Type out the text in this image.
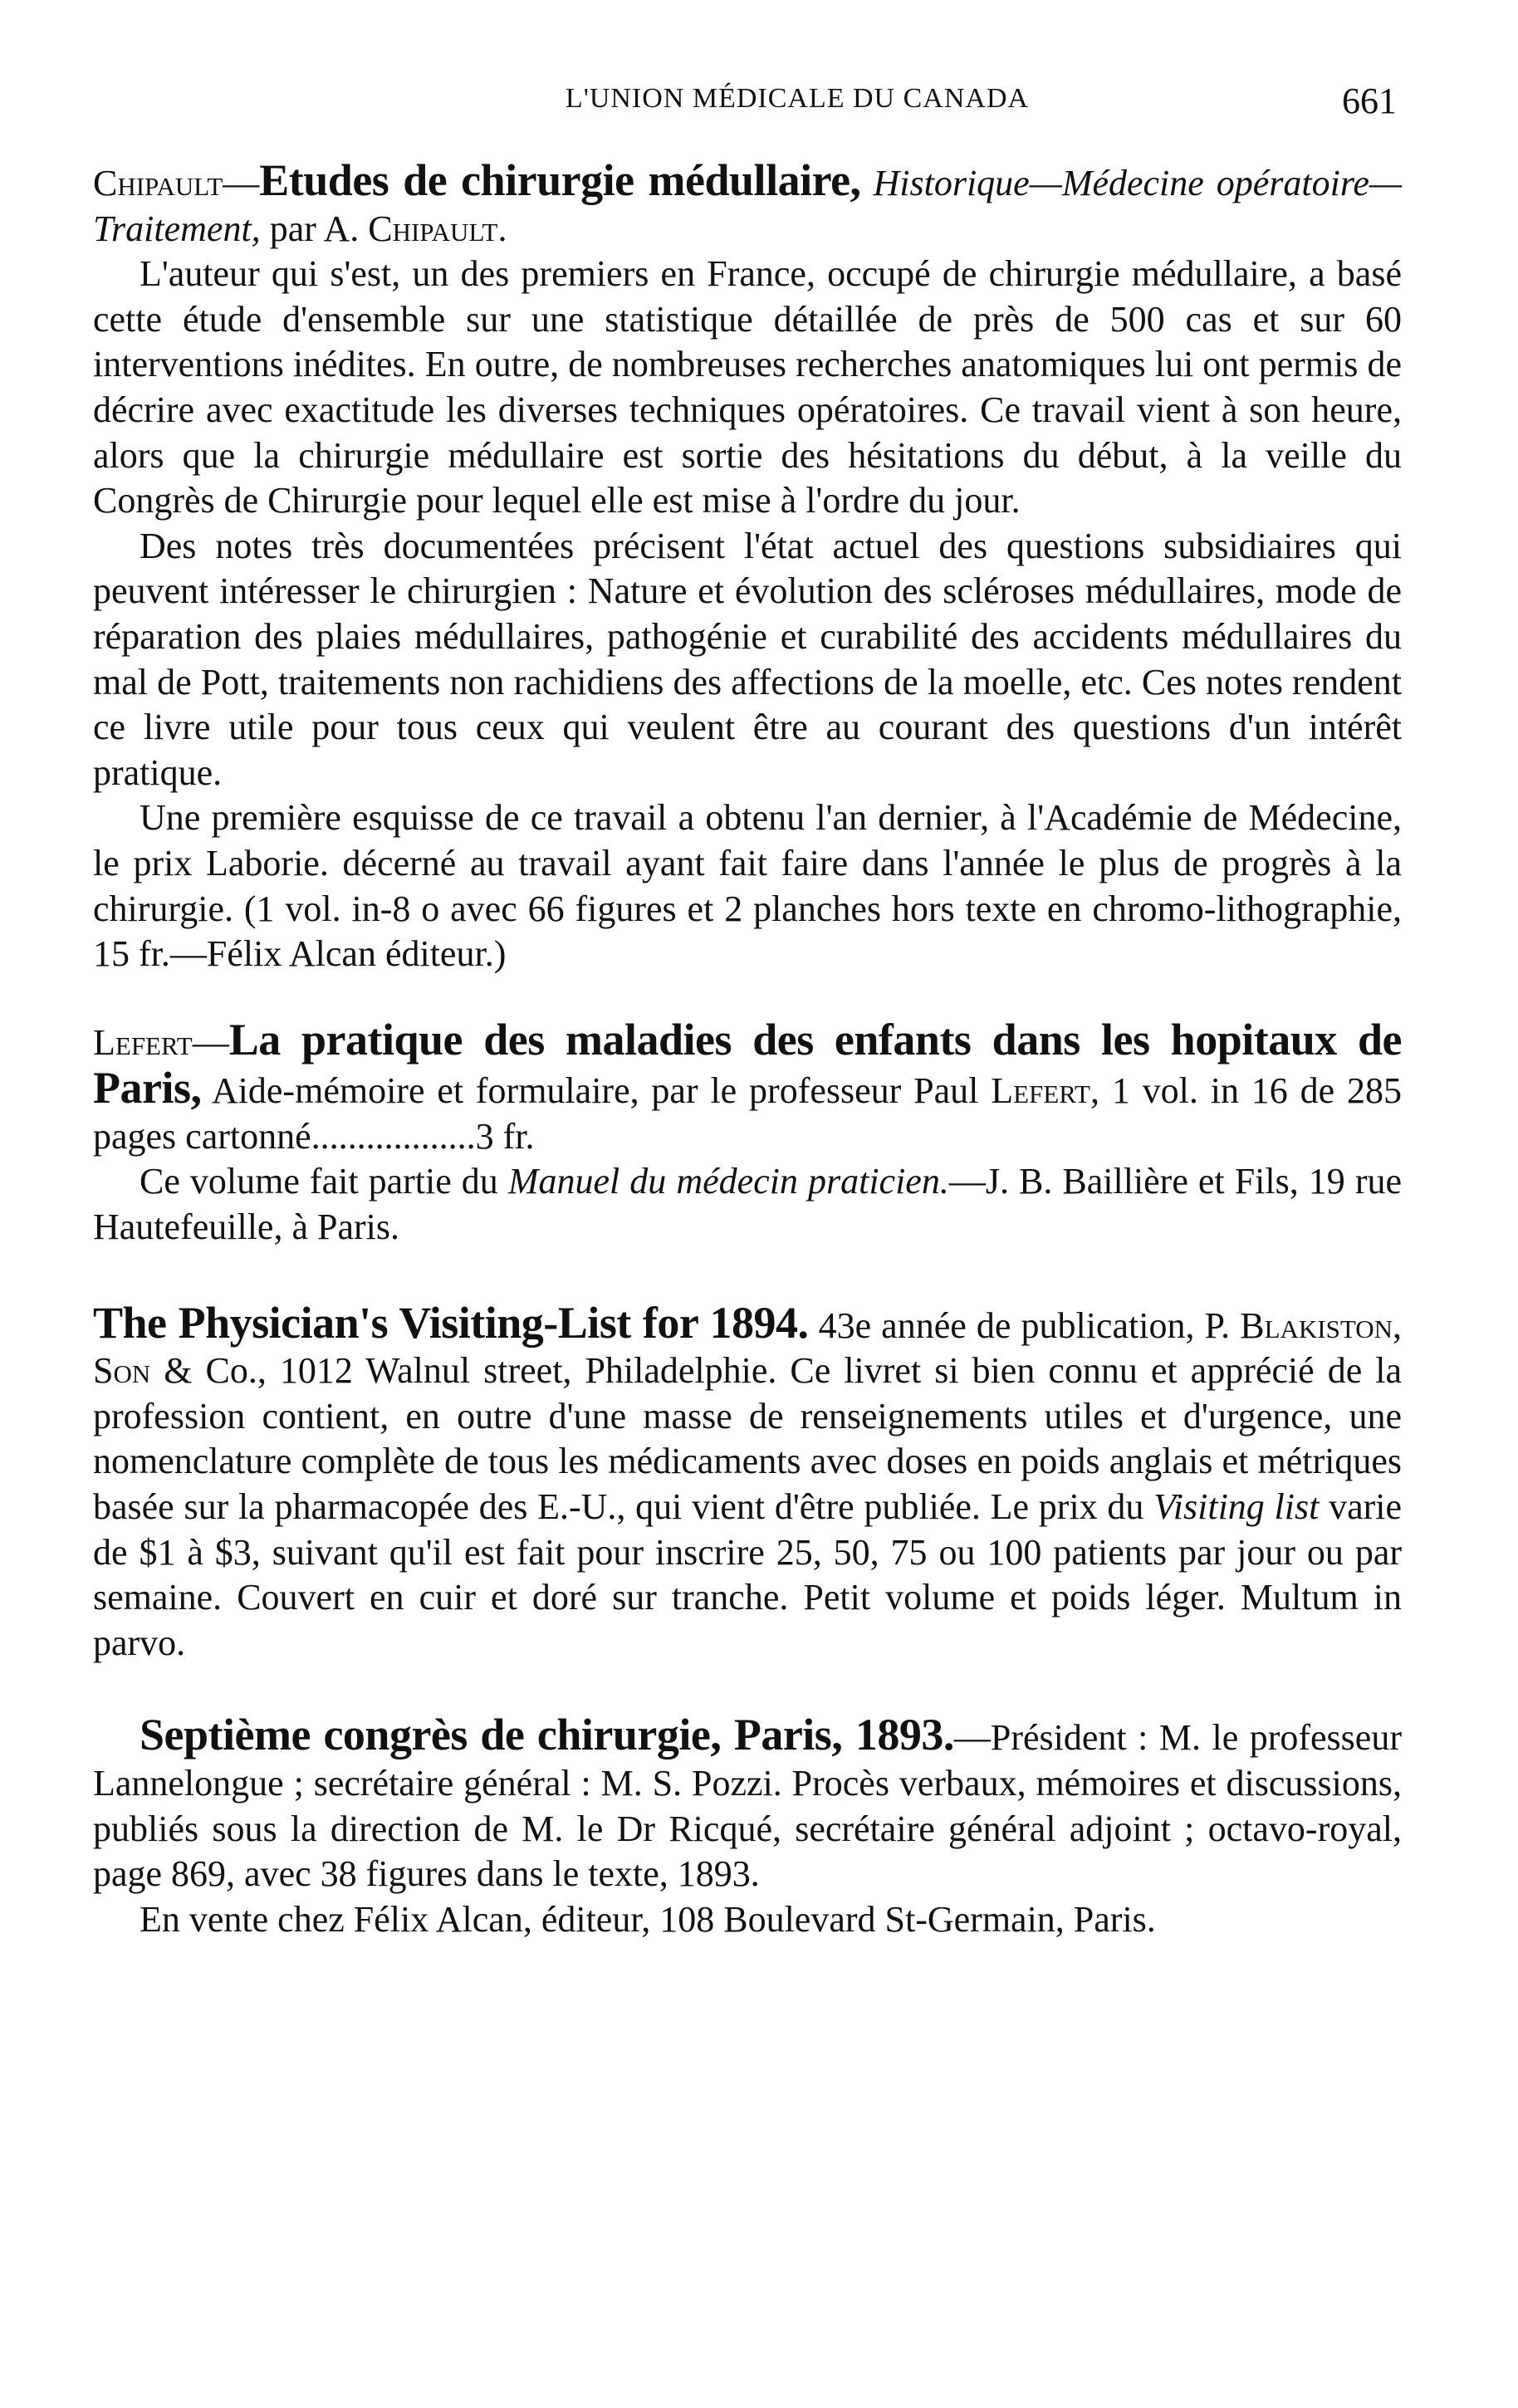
L'UNION MÉDICALE DU CANADA	661

Chipault—Etudes de chirurgie médullaire, Historique—Médecine opératoire—Traitement, par A. Chipault.

L'auteur qui s'est, un des premiers en France, occupé de chirurgie médullaire, a basé cette étude d'ensemble sur une statistique détaillée de près de 500 cas et sur 60 interventions inédites. En outre, de nombreuses recherches anatomiques lui ont permis de décrire avec exactitude les diverses techniques opératoires. Ce travail vient à son heure, alors que la chirurgie médullaire est sortie des hésitations du début, à la veille du Congrès de Chirurgie pour lequel elle est mise à l'ordre du jour.

Des notes très documentées précisent l'état actuel des questions subsidiaires qui peuvent intéresser le chirurgien : Nature et évolution des scléroses médullaires, mode de réparation des plaies médullaires, pathogénie et curabilité des accidents médullaires du mal de Pott, traitements non rachidiens des affections de la moelle, etc. Ces notes rendent ce livre utile pour tous ceux qui veulent être au courant des questions d'un intérêt pratique.

Une première esquisse de ce travail a obtenu l'an dernier, à l'Académie de Médecine, le prix Laborie. décerné au travail ayant fait faire dans l'année le plus de progrès à la chirurgie. (1 vol. in-8 o avec 66 figures et 2 planches hors texte en chromo-lithographie, 15 fr.—Félix Alcan éditeur.)

Lefert—La pratique des maladies des enfants dans les hopitaux de Paris, Aide-mémoire et formulaire, par le professeur Paul Lefert, 1 vol. in 16 de 285 pages cartonné..................3 fr.

Ce volume fait partie du Manuel du médecin praticien.—J. B. Baillière et Fils, 19 rue Hautefeuille, à Paris.

The Physician's Visiting-List for 1894. 43e année de publication, P. Blakiston, Son & Co., 1012 Walnul street, Philadelphie. Ce livret si bien connu et apprécié de la profession contient, en outre d'une masse de renseignements utiles et d'urgence, une nomenclature complète de tous les médicaments avec doses en poids anglais et métriques basée sur la pharmacopée des E.-U., qui vient d'être publiée. Le prix du Visiting list varie de $1 à $3, suivant qu'il est fait pour inscrire 25, 50, 75 ou 100 patients par jour ou par semaine. Couvert en cuir et doré sur tranche. Petit volume et poids léger. Multum in parvo.

Septième congrès de chirurgie, Paris, 1893.—Président : M. le professeur Lannelongue ; secrétaire général : M. S. Pozzi. Procès verbaux, mémoires et discussions, publiés sous la direction de M. le Dr Ricqué, secrétaire général adjoint ; octavo-royal, page 869, avec 38 figures dans le texte, 1893.

En vente chez Félix Alcan, éditeur, 108 Boulevard St-Germain, Paris.
